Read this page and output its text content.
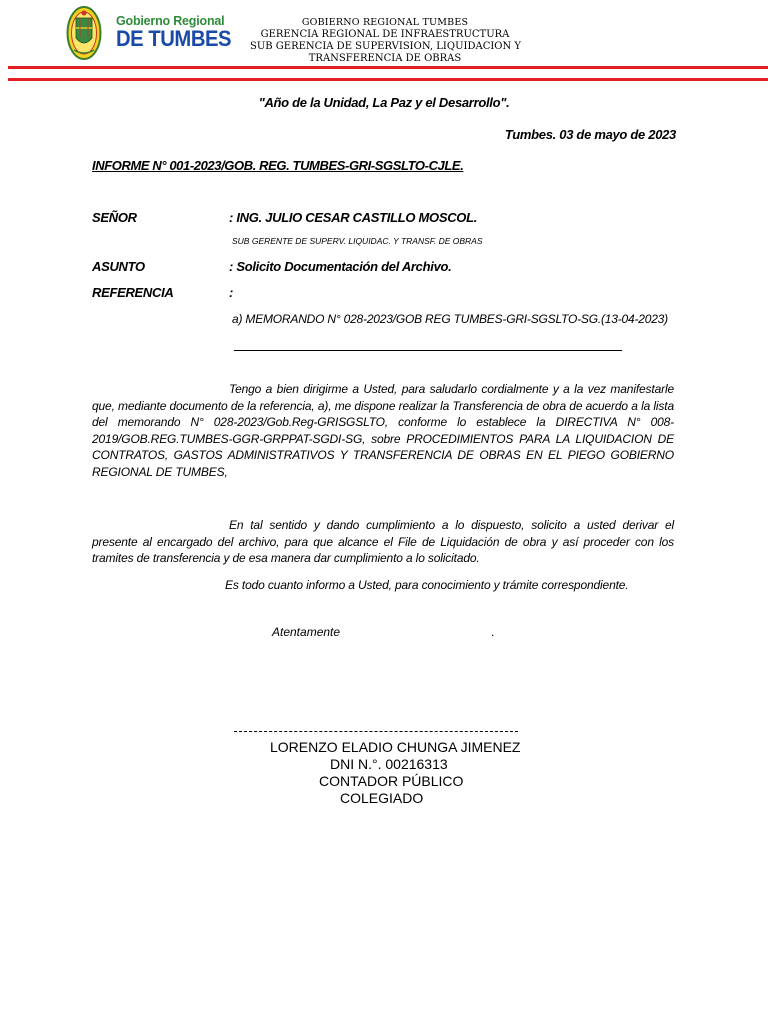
Gobierno Regional
DE TUMBES
GOBIERNO REGIONAL TUMBES
GERENCIA REGIONAL DE INFRAESTRUCTURA
SUB GERENCIA DE SUPERVISION, LIQUIDACION Y
TRANSFERENCIA DE OBRAS
"Año de la Unidad, La Paz y el Desarrollo".
Tumbes. 03 de mayo de 2023
INFORME N° 001-2023/GOB. REG. TUMBES-GRI-SGSLTO-CJLE.
SEÑOR	: ING. JULIO CESAR CASTILLO MOSCOL.
SUB GERENTE DE SUPERV. LIQUIDAC. Y TRANSF. DE OBRAS
ASUNTO	: Solicito Documentación del Archivo.
REFERENCIA	:
a) MEMORANDO N° 028-2023/GOB REG TUMBES-GRI-SGSLTO-SG.(13-04-2023)
Tengo a bien dirigirme a Usted, para saludarlo cordialmente y a la vez manifestarle que, mediante documento de la referencia, a), me dispone realizar la Transferencia de obra de acuerdo a la lista del memorando N° 028-2023/Gob.Reg-GRISGSLTO, conforme lo establece la DIRECTIVA N° 008-2019/GOB.REG.TUMBES-GGR-GRPPAT-SGDI-SG, sobre PROCEDIMIENTOS PARA LA LIQUIDACION DE CONTRATOS, GASTOS ADMINISTRATIVOS Y TRANSFERENCIA DE OBRAS EN EL PIEGO GOBIERNO REGIONAL DE TUMBES,
En tal sentido y dando cumplimiento a lo dispuesto, solicito a usted derivar el presente al encargado del archivo, para que alcance el File de Liquidación de obra y así proceder con los tramites de transferencia y de esa manera dar cumplimiento a lo solicitado.
Es todo cuanto informo a Usted, para conocimiento y trámite correspondiente.
Atentamente	.
LORENZO ELADIO CHUNGA JIMENEZ
DNI N.°. 00216313
CONTADOR PÚBLICO
COLEGIADO
